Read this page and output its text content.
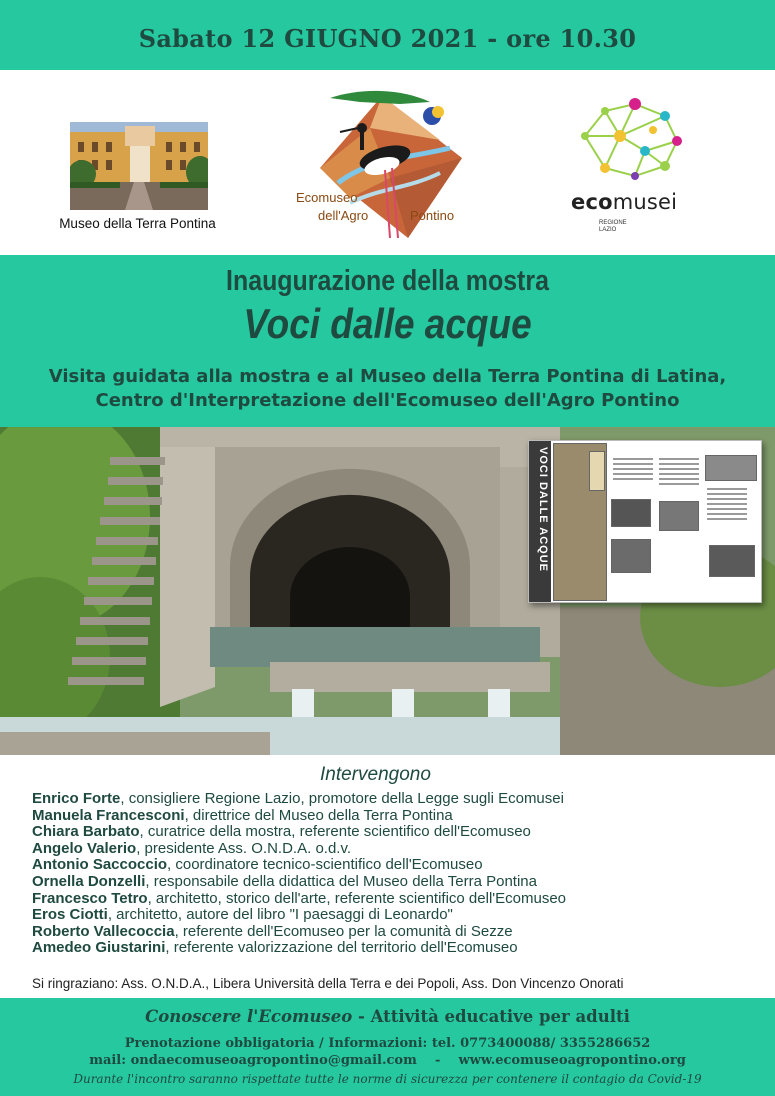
Sabato 12 GIUGNO 2021 - ore 10.30
Museo della Terra Pontina
Ecomuseo
dell'Agro	Pontino
ecomusei
REGIONE
LAZIO
Inaugurazione della mostra
Voci dalle acque
Visita guidata alla mostra e al Museo della Terra Pontina di Latina,
Centro d'Interpretazione dell'Ecomuseo dell'Agro Pontino
VOCI DALLE ACQUE
Intervengono
Enrico Forte, consigliere Regione Lazio, promotore della Legge sugli Ecomusei
Manuela Francesconi, direttrice del Museo della Terra Pontina
Chiara Barbato, curatrice della mostra, referente scientifico dell'Ecomuseo
Angelo Valerio, presidente Ass. O.N.D.A. o.d.v.
Antonio Saccoccio, coordinatore tecnico-scientifico dell'Ecomuseo
Ornella Donzelli, responsabile della didattica del Museo della Terra Pontina
Francesco Tetro, architetto, storico dell'arte, referente scientifico dell'Ecomuseo
Eros Ciotti, architetto, autore del libro "I paesaggi di Leonardo"
Roberto Vallecoccia, referente dell'Ecomuseo per la comunità di Sezze
Amedeo Giustarini, referente valorizzazione del territorio dell'Ecomuseo
Si ringraziano: Ass. O.N.D.A., Libera Università della Terra e dei Popoli, Ass. Don Vincenzo Onorati
Conoscere l'Ecomuseo - Attività educative per adulti
Prenotazione obbligatoria / Informazioni: tel. 0773400088/ 3355286652
mail: ondaecomuseoagropontino@gmail.com    -    www.ecomuseoagropontino.org
Durante l'incontro saranno rispettate tutte le norme di sicurezza per contenere il contagio da Covid-19
